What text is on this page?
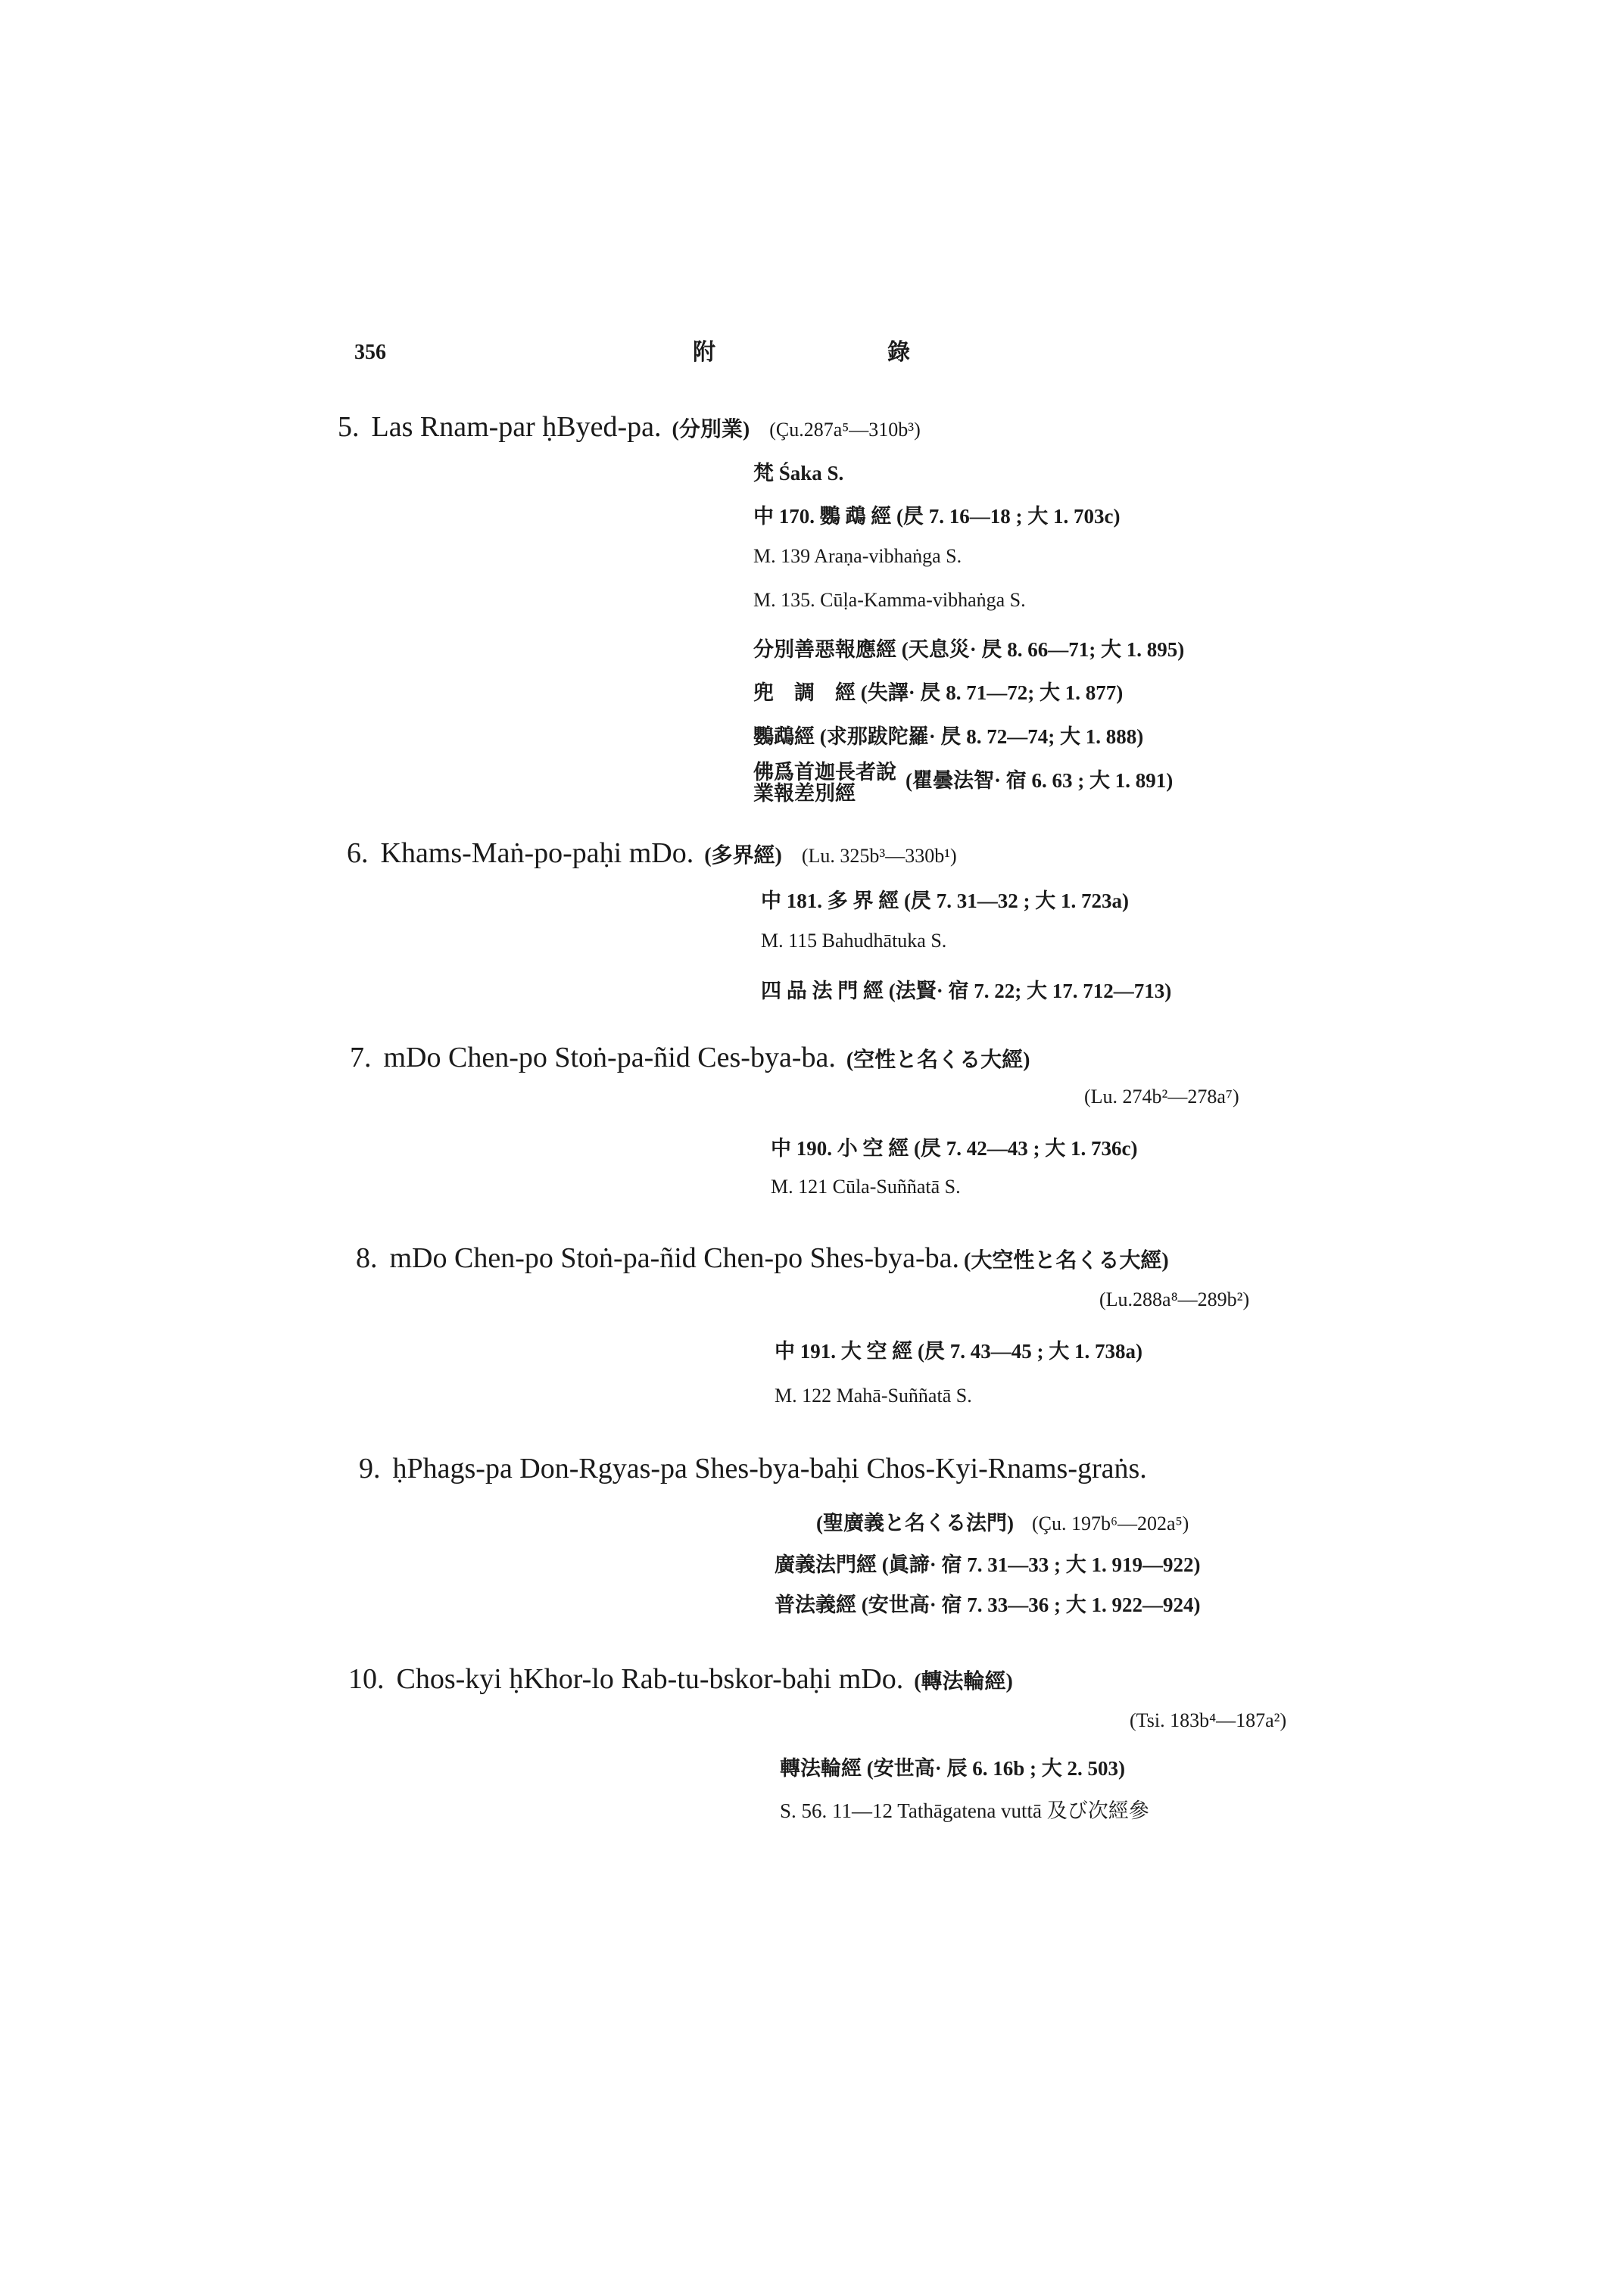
356	附	錄
5. Las Rnam-par ḥByed-pa. (分別業) (Çu.287a⁵—310b³)
梵 Śaka S.
中 170. 鸚 鵡 經 (昃 7. 16—18 ; 大 1. 703c)
M. 139 Araṇa-vibhaṅga S.
M. 135. Cūḷa-Kamma-vibhaṅga S.
分別善惡報應經 (天息災· 昃 8. 66—71; 大 1. 895)
兜　調　經 (失譯· 昃 8. 71—72; 大 1. 877)
鸚鵡經 (求那跋陀羅· 昃 8. 72—74; 大 1. 888)
佛爲首迦長者說
業報差別經(瞿曇法智· 宿 6. 63 ; 大 1. 891)
6. Khams-Maṅ-po-paḥi mDo. (多界經) (Lu. 325b³—330b¹)
中 181. 多 界 經 (昃 7. 31—32 ; 大 1. 723a)
M. 115 Bahudhātuka S.
四 品 法 門 經 (法賢· 宿 7. 22; 大 17. 712—713)
7. mDo Chen-po Stoṅ-pa-ñid Ces-bya-ba. (空性と名くる大經)
(Lu. 274b²—278a⁷)
中 190. 小 空 經 (昃 7. 42—43 ; 大 1. 736c)
M. 121 Cūla-Suññatā S.
8. mDo Chen-po Stoṅ-pa-ñid Chen-po Shes-bya-ba. (大空性と名くる大經)
(Lu.288a⁸—289b²)
中 191. 大 空 經 (昃 7. 43—45 ; 大 1. 738a)
M. 122 Mahā-Suññatā S.
9. ḥPhags-pa Don-Rgyas-pa Shes-bya-baḥi Chos-Kyi-Rnams-graṅs.
(聖廣義と名くる法門) (Çu. 197b⁶—202a⁵)
廣義法門經 (眞諦· 宿 7. 31—33 ; 大 1. 919—922)
普法義經 (安世高· 宿 7. 33—36 ; 大 1. 922—924)
10. Chos-kyi ḥKhor-lo Rab-tu-bskor-baḥi mDo. (轉法輪經)
(Tsi. 183b⁴—187a²)
轉法輪經 (安世高· 辰 6. 16b ; 大 2. 503)
S. 56. 11—12 Tathāgatena vuttā 及び次經參
